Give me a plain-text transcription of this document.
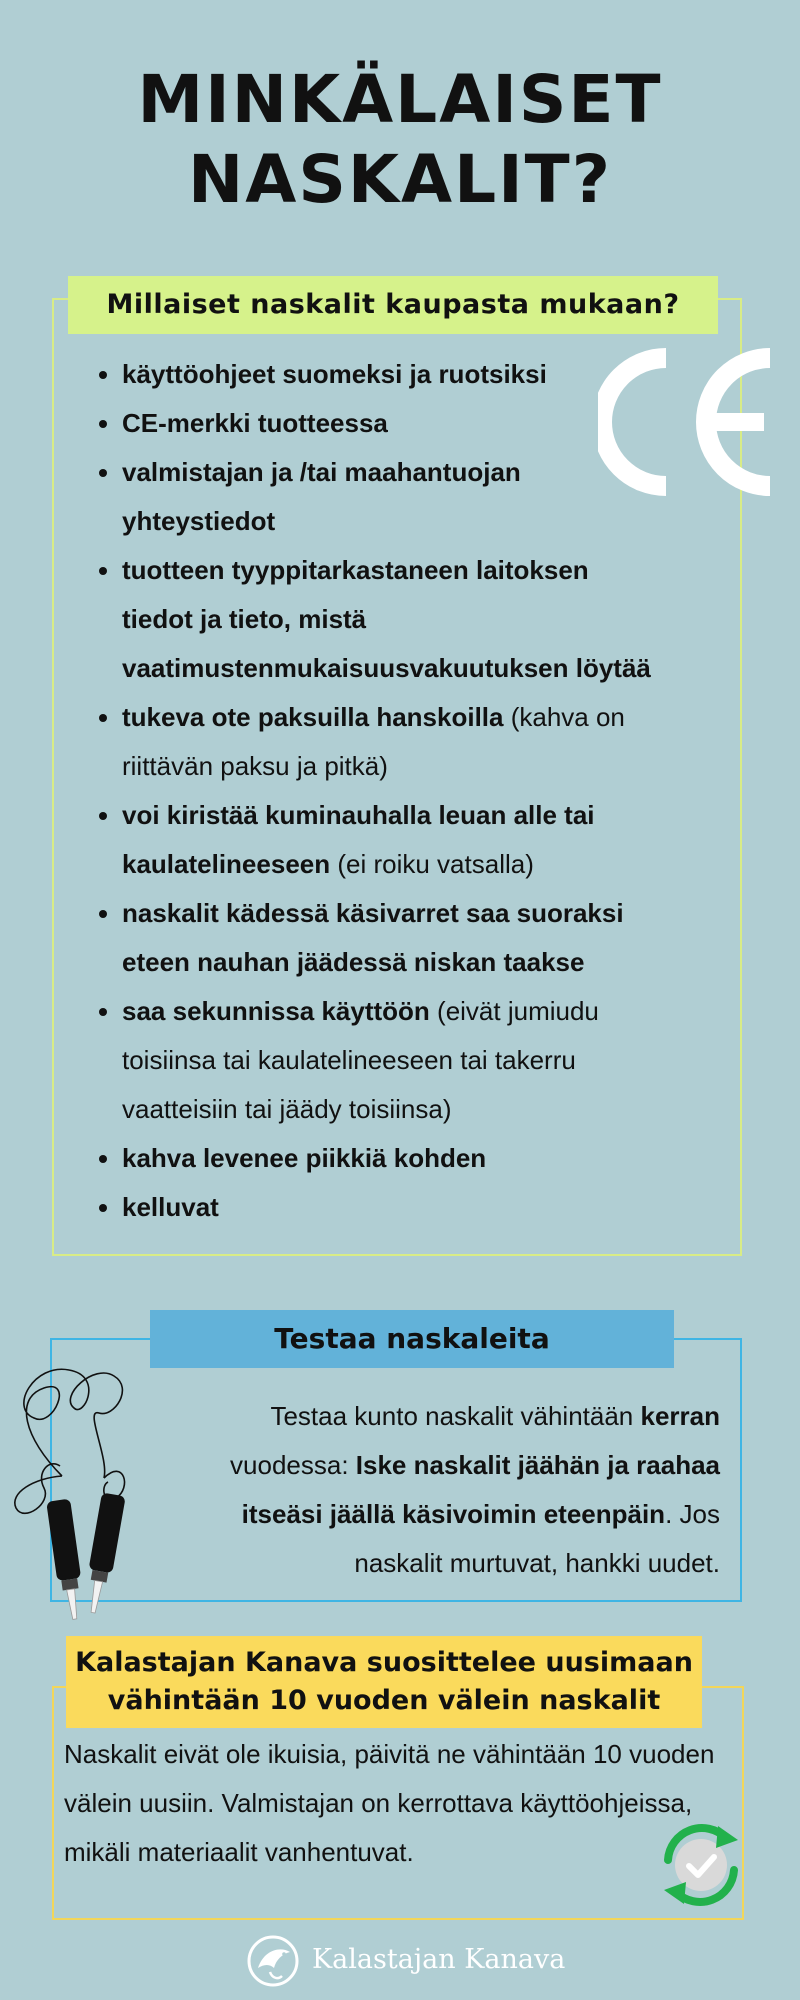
MINKÄLAISET
NASKALIT?
Millaiset naskalit kaupasta mukaan?
• käyttöohjeet suomeksi ja ruotsiksi
• CE-merkki tuotteessa
• valmistajan ja /tai maahantuojan yhteystiedot
• tuotteen tyyppitarkastaneen laitoksen tiedot ja tieto, mistä vaatimustenmukaisuusvakuutuksen löytää
• tukeva ote paksuilla hanskoilla (kahva on riittävän paksu ja pitkä)
• voi kiristää kuminauhalla leuan alle tai kaulatelineeseen (ei roiku vatsalla)
• naskalit kädessä käsivarret saa suoraksi eteen nauhan jäädessä niskan taakse
• saa sekunnissa käyttöön (eivät jumiudu toisiinsa tai kaulatelineeseen tai takerru vaatteisiin tai jäädy toisiinsa)
• kahva levenee piikkiä kohden
• kelluvat
Testaa naskaleita

Testaa kunto naskalit vähintään kerran vuodessa: Iske naskalit jäähän ja raahaa itseäsi jäällä käsivoimin eteenpäin. Jos naskalit murtuvat, hankki uudet.

Kalastajan Kanava suosittelee uusimaan
vähintään 10 vuoden välein naskalit

Naskalit eivät ole ikuisia, päivitä ne vähintään 10 vuoden välein uusiin. Valmistajan on kerrottava käyttöohjeissa, mikäli materiaalit vanhentuvat.

Kalastajan Kanava
